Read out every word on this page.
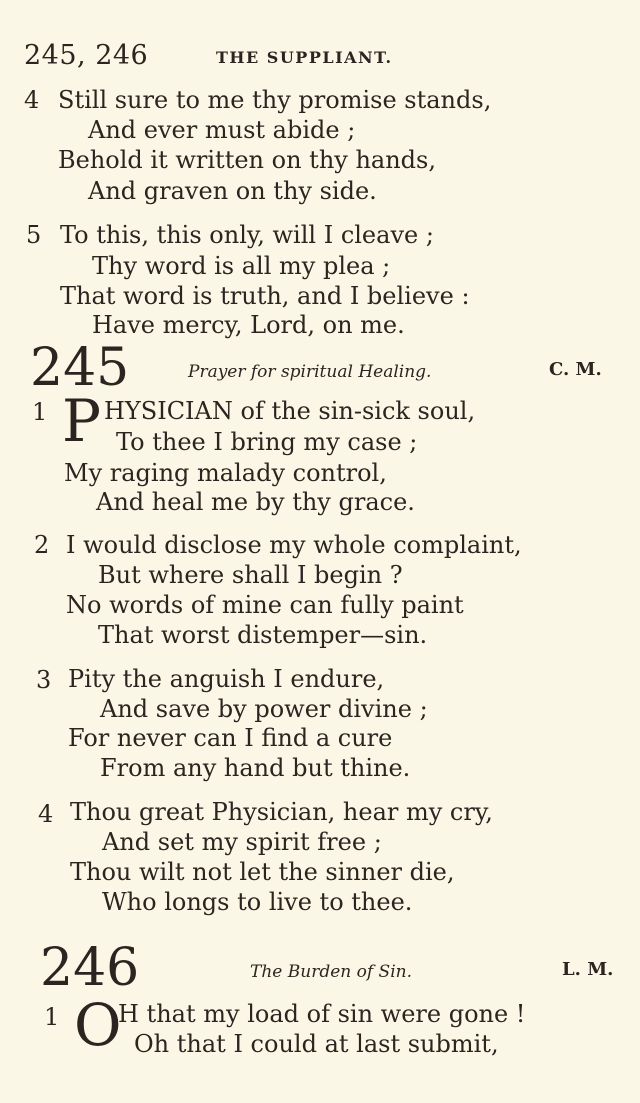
245, 246	THE SUPPLIANT.
4 Still sure to me thy promise stands,
And ever must abide ;
Behold it written on thy hands,
And graven on thy side.
5 To this, this only, will I cleave ;
Thy word is all my plea ;
That word is truth, and I believe :
Have mercy, Lord, on me.
245	Prayer for spiritual Healing.	C. M.
1 P HYSICIAN of the sin-sick soul,
To thee I bring my case ;
My raging malady control,
And heal me by thy grace.
2 I would disclose my whole complaint,
But where shall I begin ?
No words of mine can fully paint
That worst distemper—sin.
3 Pity the anguish I endure,
And save by power divine ;
For never can I find a cure
From any hand but thine.
4 Thou great Physician, hear my cry,
And set my spirit free ;
Thou wilt not let the sinner die,
Who longs to live to thee.
246	The Burden of Sin.	L. M.
1 O
H that my load of sin were gone !
Oh that I could at last submit,
